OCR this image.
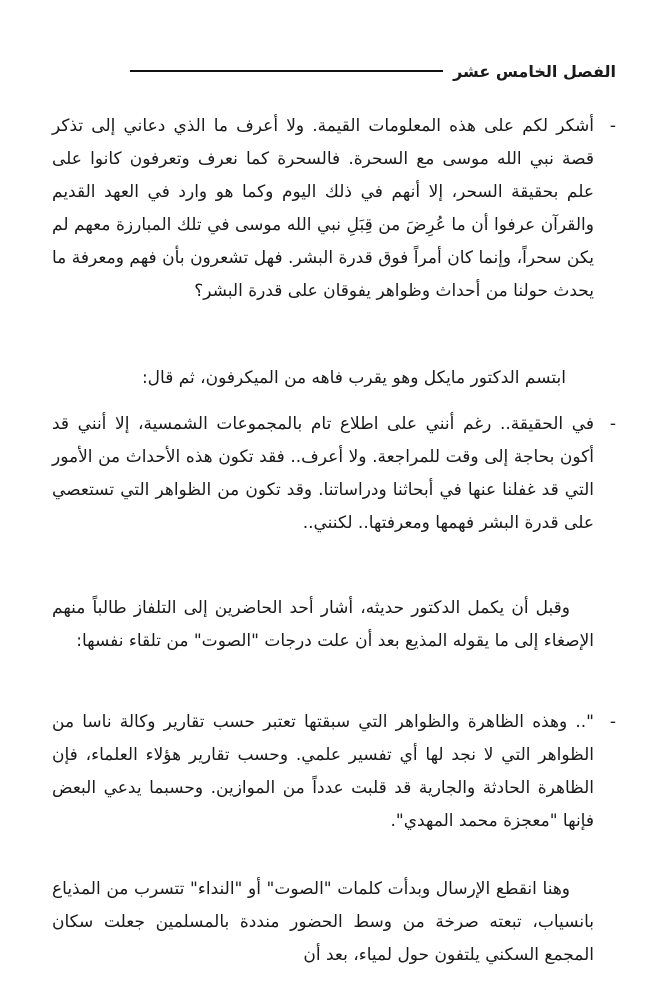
الفصل الخامس عشر
-
أشكر لكم على هذه المعلومات القيمة. ولا أعرف ما الذي دعاني إلى تذكر قصة نبي الله موسى مع السحرة. فالسحرة كما نعرف وتعرفون كانوا على علم بحقيقة السحر، إلا أنهم في ذلك اليوم وكما هو وارد في العهد القديم والقرآن عرفوا أن ما عُرِضَ من قِبَلِ نبي الله موسى في تلك المبارزة معهم لم يكن سحراً، وإنما كان أمراً فوق قدرة البشر. فهل تشعرون بأن فهم ومعرفة ما يحدث حولنا من أحداث وظواهر يفوقان على قدرة البشر؟
ابتسم الدكتور مايكل وهو يقرب فاهه من الميكرفون، ثم قال:
-
في الحقيقة.. رغم أنني على اطلاع تام بالمجموعات الشمسية، إلا أنني قد أكون بحاجة إلى وقت للمراجعة. ولا أعرف.. فقد تكون هذه الأحداث من الأمور التي قد غفلنا عنها في أبحاثنا ودراساتنا. وقد تكون من الظواهر التي تستعصي على قدرة البشر فهمها ومعرفتها.. لكنني..
وقبل أن يكمل الدكتور حديثه، أشار أحد الحاضرين إلى التلفاز طالباً منهم الإصغاء إلى ما يقوله المذيع بعد أن علت درجات "الصوت" من تلقاء نفسها:
-
".. وهذه الظاهرة والظواهر التي سبقتها تعتبر حسب تقارير وكالة ناسا من الظواهر التي لا نجد لها أي تفسير علمي. وحسب تقارير هؤلاء العلماء، فإن الظاهرة الحادثة والجارية قد قلبت عدداً من الموازين. وحسبما يدعي البعض فإنها "معجزة محمد المهدي".
وهنا انقطع الإرسال وبدأت كلمات "الصوت" أو "النداء" تتسرب من المذياع بانسياب، تبعته صرخة من وسط الحضور منددة بالمسلمين جعلت سكان المجمع السكني يلتفون حول لمياء، بعد أن
